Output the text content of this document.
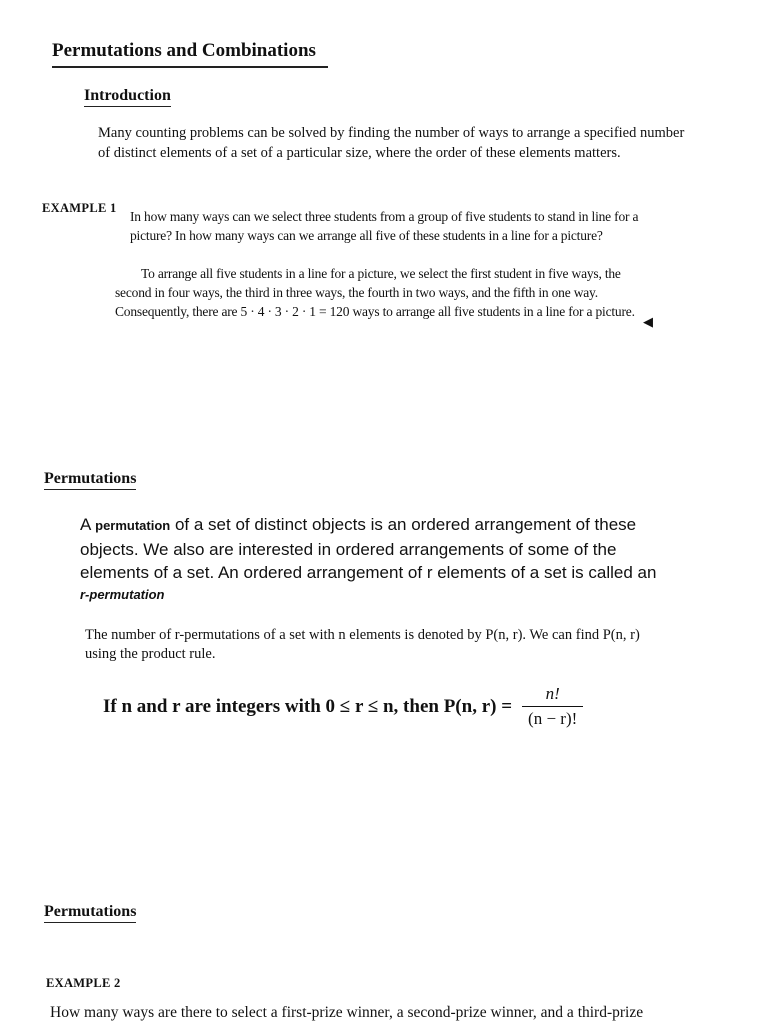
Permutations and Combinations
Introduction

Many counting problems can be solved by finding the number of ways to arrange a specified number of distinct elements of a set of a particular size, where the order of these elements matters.

EXAMPLE 1

In how many ways can we select three students from a group of five students to stand in line for a picture? In how many ways can we arrange all five of these students in a line for a picture?

To arrange all five students in a line for a picture, we select the first student in five ways, the second in four ways, the third in three ways, the fourth in two ways, and the fifth in one way. Consequently, there are 5 · 4 · 3 · 2 · 1 = 120 ways to arrange all five students in a line for a picture.

◀
Permutations

A permutation of a set of distinct objects is an ordered arrangement of these objects. We also are interested in ordered arrangements of some of the elements of a set. An ordered arrangement of r elements of a set is called an
r-permutation

The number of r-permutations of a set with n elements is denoted by P(n, r). We can find P(n, r) using the product rule.

If n and r are integers with 0 ≤ r ≤ n, then P(n, $r) = \frac{n!}{(n - r)!}$
Permutations
EXAMPLE 2

How many ways are there to select a first-prize winner, a second-prize winner, and a third-prize
